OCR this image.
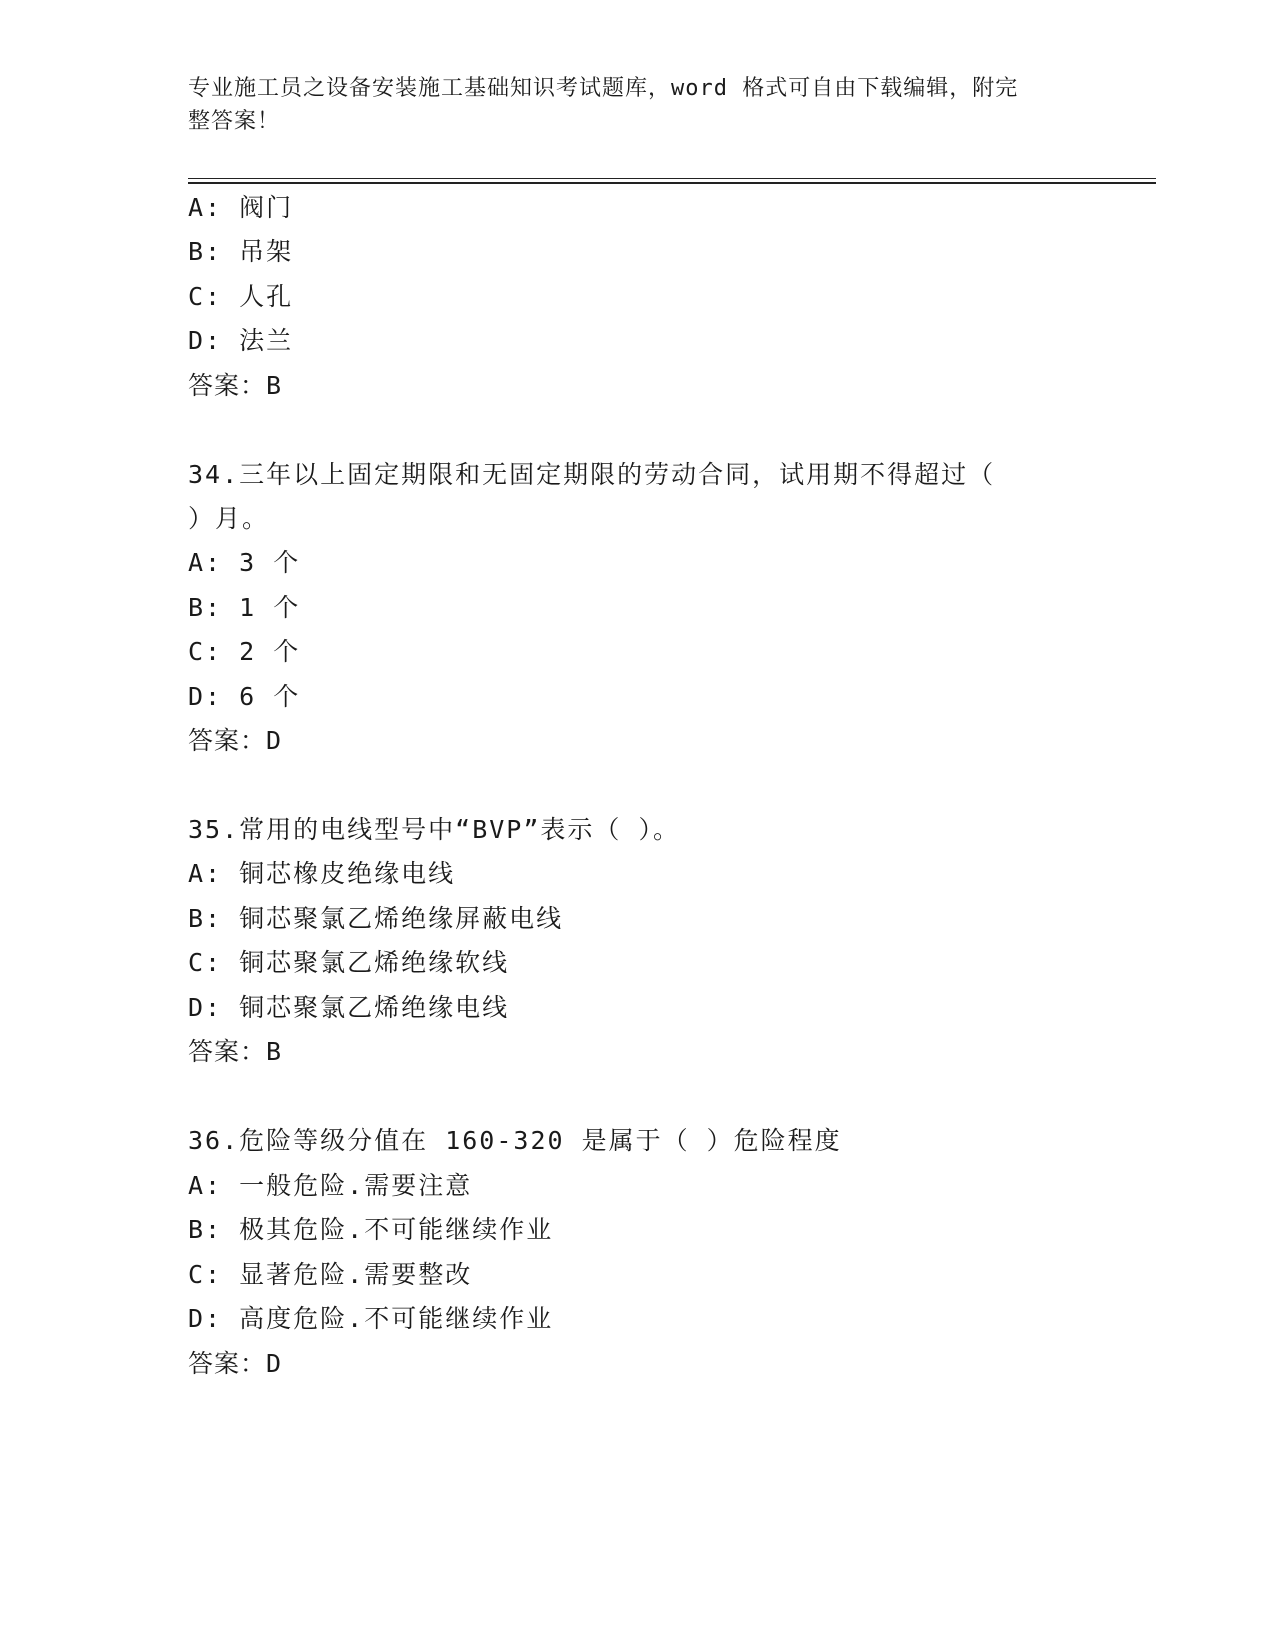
专业施工员之设备安装施工基础知识考试题库，word 格式可自由下载编辑，附完
整答案！
A: 阀门
B: 吊架
C: 人孔
D: 法兰
答案：B
34.三年以上固定期限和无固定期限的劳动合同，试用期不得超过（
）月。
A: 3 个
B: 1 个
C: 2 个
D: 6 个
答案：D
35.常用的电线型号中“BVP”表示（ ）。
A: 铜芯橡皮绝缘电线
B: 铜芯聚氯乙烯绝缘屏蔽电线
C: 铜芯聚氯乙烯绝缘软线
D: 铜芯聚氯乙烯绝缘电线
答案：B
36.危险等级分值在 160-320 是属于（ ）危险程度
A: 一般危险.需要注意
B: 极其危险.不可能继续作业
C: 显著危险.需要整改
D: 高度危险.不可能继续作业
答案：D
